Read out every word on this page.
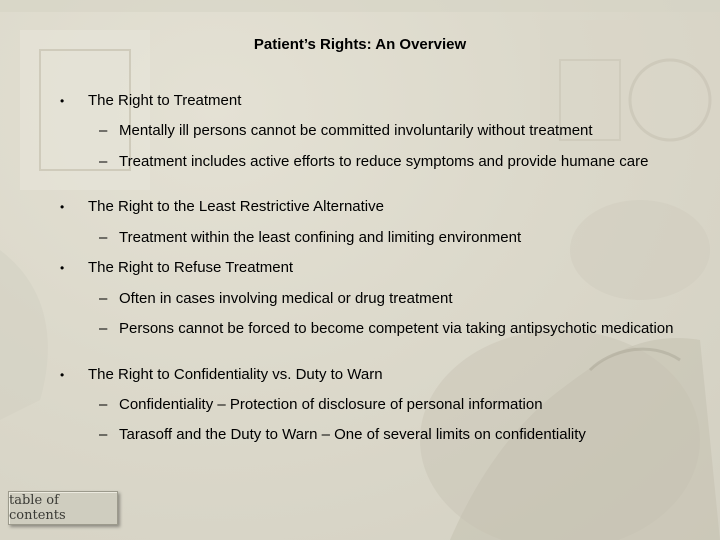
Patient’s Rights: An Overview
• The Right to Treatment
– Mentally ill persons cannot be committed involuntarily without treatment
– Treatment includes active efforts to reduce symptoms and provide humane care
• The Right to the Least Restrictive Alternative
– Treatment within the least confining and limiting environment
• The Right to Refuse Treatment
– Often in cases involving medical or drug treatment
– Persons cannot be forced to become competent via taking antipsychotic medication
• The Right to Confidentiality vs. Duty to Warn
– Confidentiality – Protection of disclosure of personal information
– Tarasoff and the Duty to Warn – One of several limits on confidentiality
table of contents
